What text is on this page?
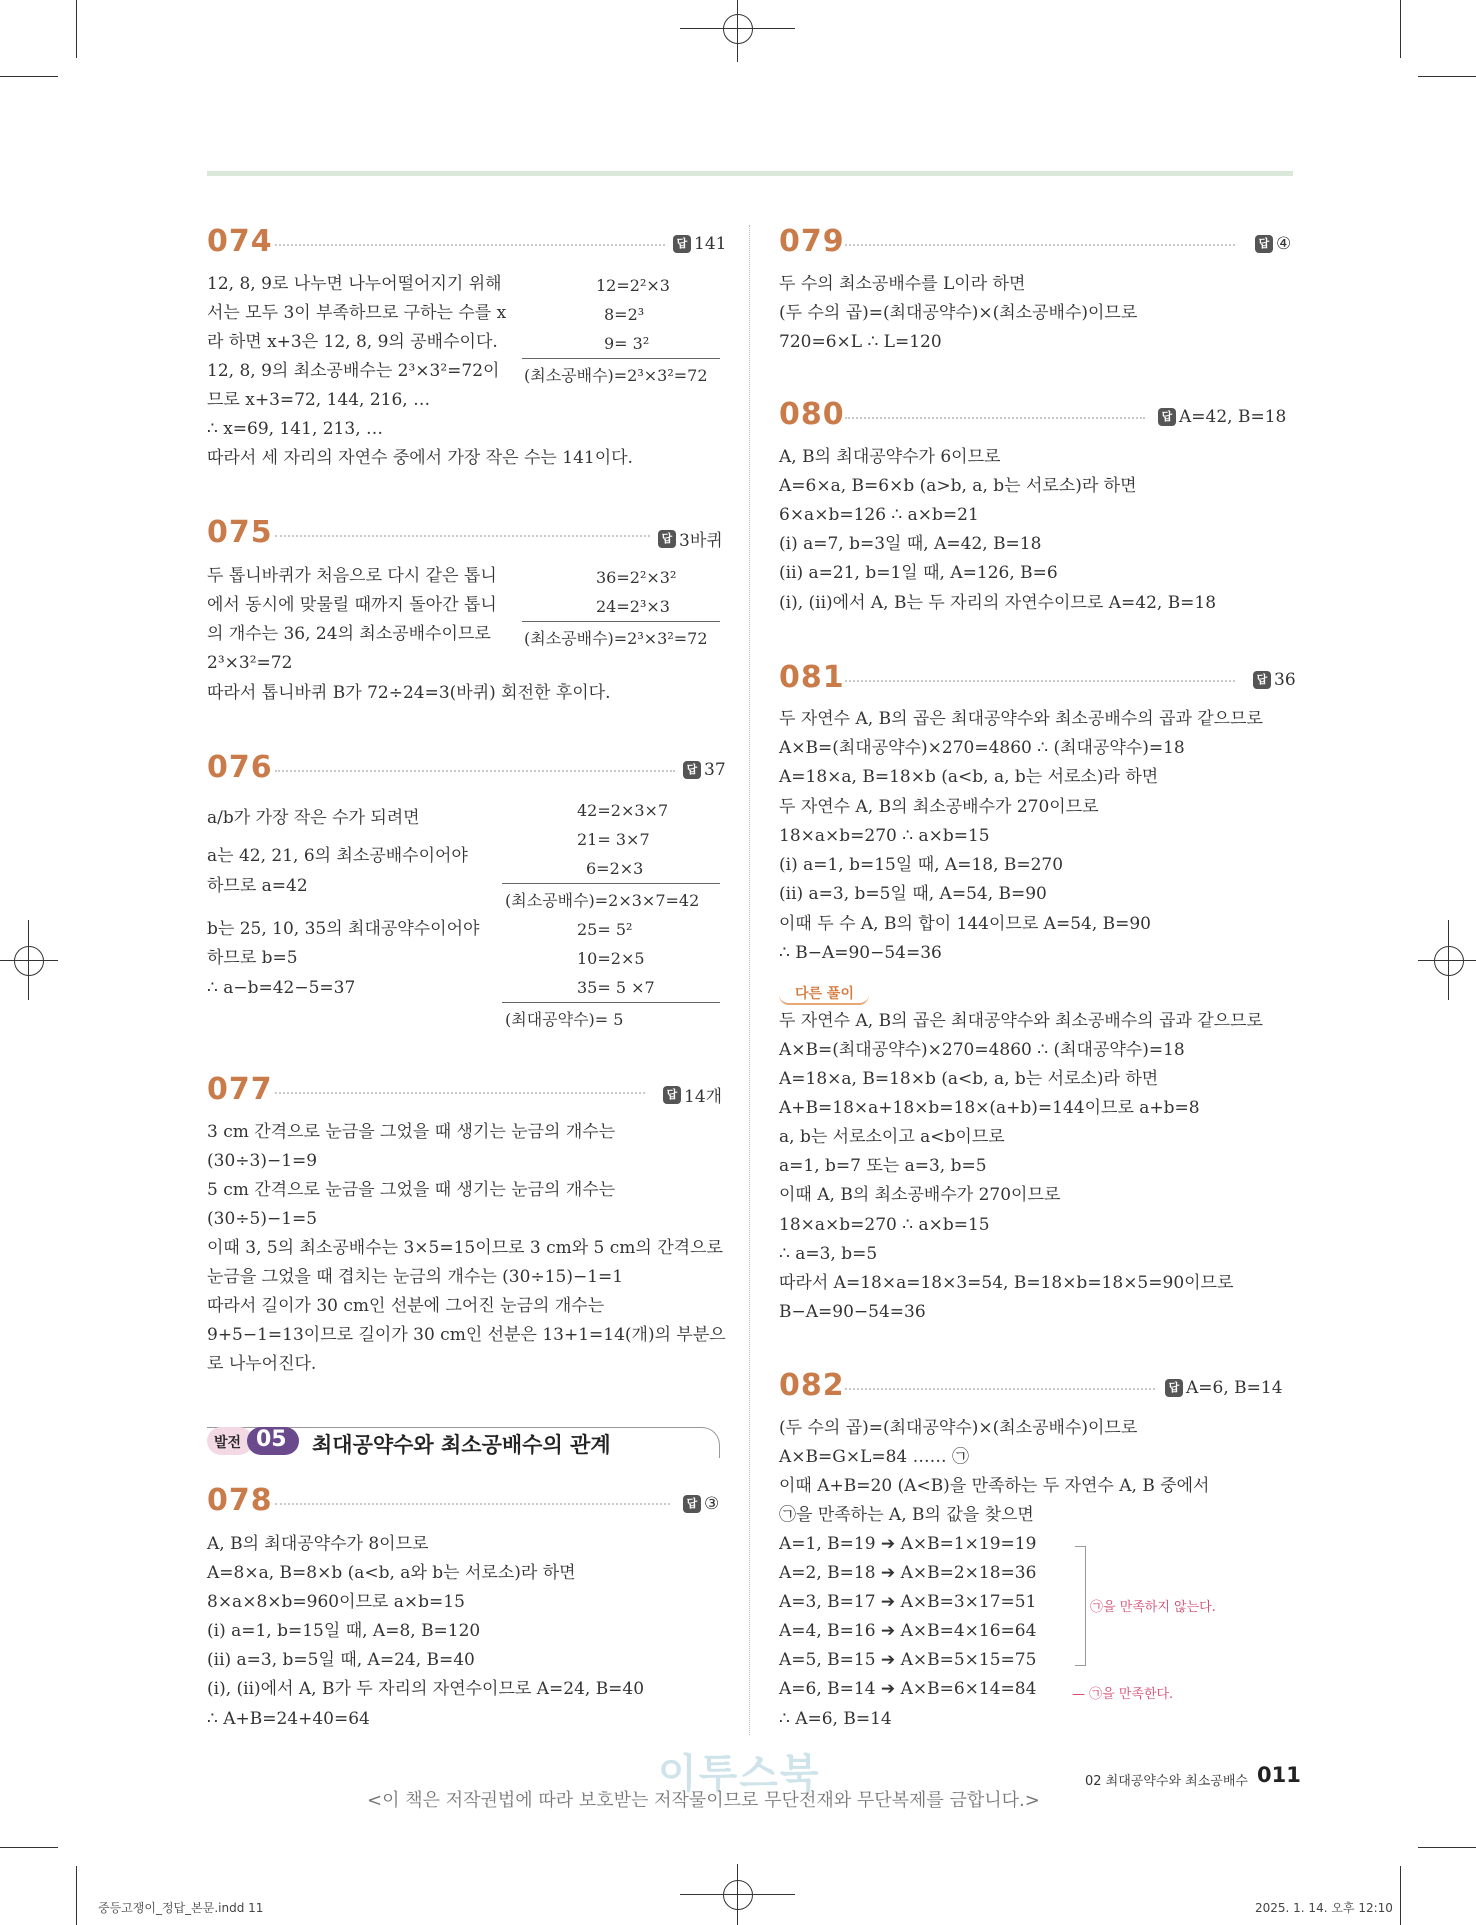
074	답 141
12, 8, 9로 나누면 나누어떨어지기 위해
서는 모두 3이 부족하므로 구하는 수를 x
라 하면 x+3은 12, 8, 9의 공배수이다.
12, 8, 9의 최소공배수는 2³×3²=72이
므로 x+3=72, 144, 216, …
∴ x=69, 141, 213, …
따라서 세 자리의 자연수 중에서 가장 작은 수는 141이다.
12=2²×3
8=2³
9= 3²
(최소공배수)=2³×3²=72
075	답 3바퀴
두 톱니바퀴가 처음으로 다시 같은 톱니
에서 동시에 맞물릴 때까지 돌아간 톱니
의 개수는 36, 24의 최소공배수이므로
2³×3²=72
따라서 톱니바퀴 B가 72÷24=3(바퀴) 회전한 후이다.
36=2²×3²
24=2³×3
(최소공배수)=2³×3²=72
076	답 37
a/b가 가장 작은 수가 되려면
a는 42, 21, 6의 최소공배수이어야
하므로 a=42
b는 25, 10, 35의 최대공약수이어야
하므로 b=5
∴ a−b=42−5=37
42=2×3×7
21= 3×7
6=2×3
(최소공배수)=2×3×7=42
25= 5²
10=2×5
35= 5 ×7
(최대공약수)= 5
077	답 14개
3 cm 간격으로 눈금을 그었을 때 생기는 눈금의 개수는
(30÷3)−1=9
5 cm 간격으로 눈금을 그었을 때 생기는 눈금의 개수는
(30÷5)−1=5
이때 3, 5의 최소공배수는 3×5=15이므로 3 cm와 5 cm의 간격으로
눈금을 그었을 때 겹치는 눈금의 개수는 (30÷15)−1=1
따라서 길이가 30 cm인 선분에 그어진 눈금의 개수는
9+5−1=13이므로 길이가 30 cm인 선분은 13+1=14(개)의 부분으
로 나누어진다.
발전 05 최대공약수와 최소공배수의 관계
078	답 ③
A, B의 최대공약수가 8이므로
A=8×a, B=8×b (a<b, a와 b는 서로소)라 하면
8×a×8×b=960이므로 a×b=15
(i) a=1, b=15일 때, A=8, B=120
(ii) a=3, b=5일 때, A=24, B=40
(i), (ii)에서 A, B가 두 자리의 자연수이므로 A=24, B=40
∴ A+B=24+40=64
079	답 ④
두 수의 최소공배수를 L이라 하면
(두 수의 곱)=(최대공약수)×(최소공배수)이므로
720=6×L ∴ L=120
080	답 A=42, B=18
A, B의 최대공약수가 6이므로
A=6×a, B=6×b (a>b, a, b는 서로소)라 하면
6×a×b=126 ∴ a×b=21
(i) a=7, b=3일 때, A=42, B=18
(ii) a=21, b=1일 때, A=126, B=6
(i), (ii)에서 A, B는 두 자리의 자연수이므로 A=42, B=18
081	답 36
두 자연수 A, B의 곱은 최대공약수와 최소공배수의 곱과 같으므로
A×B=(최대공약수)×270=4860 ∴ (최대공약수)=18
A=18×a, B=18×b (a<b, a, b는 서로소)라 하면
두 자연수 A, B의 최소공배수가 270이므로
18×a×b=270 ∴ a×b=15
(i) a=1, b=15일 때, A=18, B=270
(ii) a=3, b=5일 때, A=54, B=90
이때 두 수 A, B의 합이 144이므로 A=54, B=90
∴ B−A=90−54=36
다른 풀이
두 자연수 A, B의 곱은 최대공약수와 최소공배수의 곱과 같으므로
A×B=(최대공약수)×270=4860 ∴ (최대공약수)=18
A=18×a, B=18×b (a<b, a, b는 서로소)라 하면
A+B=18×a+18×b=18×(a+b)=144이므로 a+b=8
a, b는 서로소이고 a<b이므로
a=1, b=7 또는 a=3, b=5
이때 A, B의 최소공배수가 270이므로
18×a×b=270 ∴ a×b=15
∴ a=3, b=5
따라서 A=18×a=18×3=54, B=18×b=18×5=90이므로
B−A=90−54=36
082	답 A=6, B=14
(두 수의 곱)=(최대공약수)×(최소공배수)이므로
A×B=G×L=84 …… ㉠
이때 A+B=20 (A<B)을 만족하는 두 자연수 A, B 중에서
㉠을 만족하는 A, B의 값을 찾으면
A=1, B=19 ➔ A×B=1×19=19
A=2, B=18 ➔ A×B=2×18=36
A=3, B=17 ➔ A×B=3×17=51
A=4, B=16 ➔ A×B=4×16=64
A=5, B=15 ➔ A×B=5×15=75
A=6, B=14 ➔ A×B=6×14=84
∴ A=6, B=14
㉠을 만족하지 않는다.
— ㉠을 만족한다.
이투스북	02 최대공약수와 최소공배수 011
<이 책은 저작권법에 따라 보호받는 저작물이므로 무단전재와 무단복제를 금합니다.>
중등고쟁이_정답_본문.indd 11	2025. 1. 14. 오후 12:10
